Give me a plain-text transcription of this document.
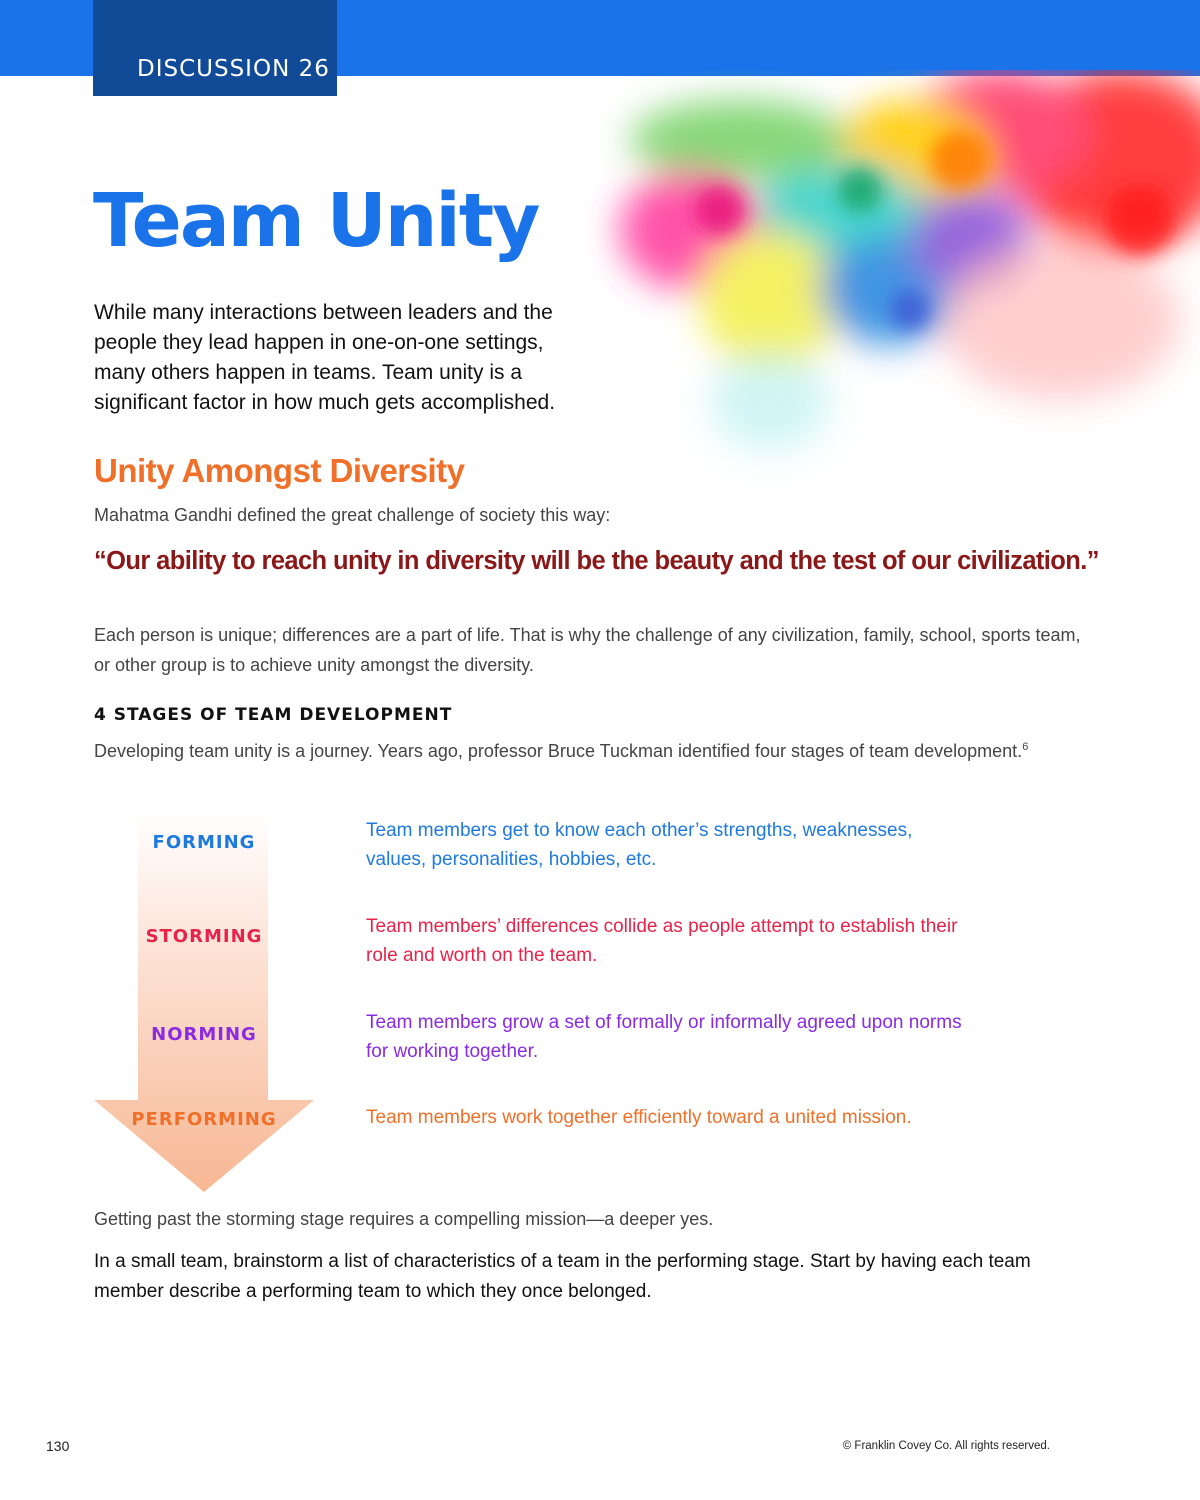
DISCUSSION 26
Team Unity
While many interactions between leaders and the people they lead happen in one-on-one settings, many others happen in teams. Team unity is a significant factor in how much gets accomplished.
Unity Amongst Diversity
Mahatma Gandhi defined the great challenge of society this way:
“Our ability to reach unity in diversity will be the beauty and the test of our civilization.”
Each person is unique; differences are a part of life. That is why the challenge of any civilization, family, school, sports team, or other group is to achieve unity amongst the diversity.
4 STAGES OF TEAM DEVELOPMENT
Developing team unity is a journey. Years ago, professor Bruce Tuckman identified four stages of team development.$^6$
FORMING
STORMING
NORMING
PERFORMING
Team members get to know each other’s strengths, weaknesses, values, personalities, hobbies, etc.
Team members’ differences collide as people attempt to establish their role and worth on the team.
Team members grow a set of formally or informally agreed upon norms for working together.
Team members work together efficiently toward a united mission.
Getting past the storming stage requires a compelling mission—a deeper yes.
In a small team, brainstorm a list of characteristics of a team in the performing stage. Start by having each team member describe a performing team to which they once belonged.
130	© Franklin Covey Co. All rights reserved.
